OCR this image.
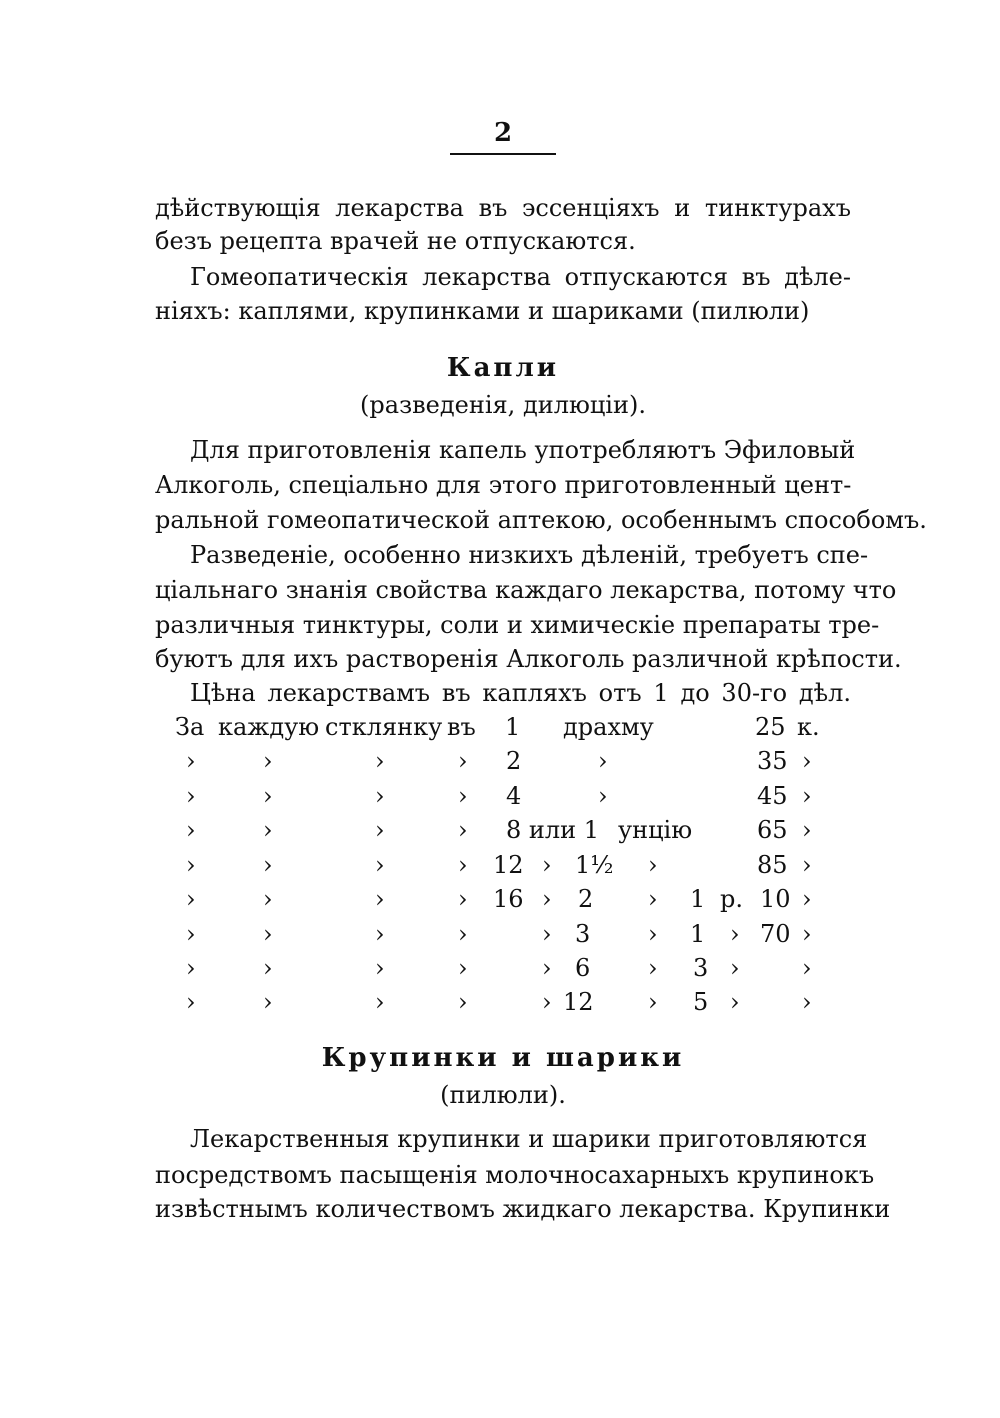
2
дѣйствующія лекарства въ эссенціяхъ и тинктурахъ
безъ рецепта врачей не отпускаются.
Гомеопатическія лекарства отпускаются въ дѣле-
ніяхъ: каплями, крупинками и шариками (пилюли)
Капли
(разведенія, дилюціи).
Для приготовленія капель употребляютъ Эфиловый
Алкоголь, спеціально для этого приготовленный цент-
ральной гомеопатической аптекою, особеннымъ способомъ.
Разведеніе, особенно низкихъ дѣленій, требуетъ спе-
ціальнаго знанія свойства каждаго лекарства, потому что
различныя тинктуры, соли и химическіе препараты тре-
буютъ для ихъ растворенія Алкоголь различной крѣпости.
Цѣна лекарствамъ въ капляхъ отъ 1 до 30-го дѣл.
За каждую стклянку въ 1 драхму	25 к.
›	›	›	› 2	›	35 ›
›	›	›	› 4	›	45 ›
›	›	›	› 8 или 1 унцію	65 ›
›	›	›	› 12 › 1½ ›	85 ›
›	›	›	› 16 › 2 › 1 р. 10 ›
›	›	›	›	› 3 › 1 › 70 ›
›	›	›	›	› 6 › 3 ›	›
›	›	›	›	› 12 › 5 ›	›
Крупинки и шарики
(пилюли).
Лекарственныя крупинки и шарики приготовляются
посредствомъ пасыщенія молочносахарныхъ крупинокъ
извѣстнымъ количествомъ жидкаго лекарства. Крупинки
